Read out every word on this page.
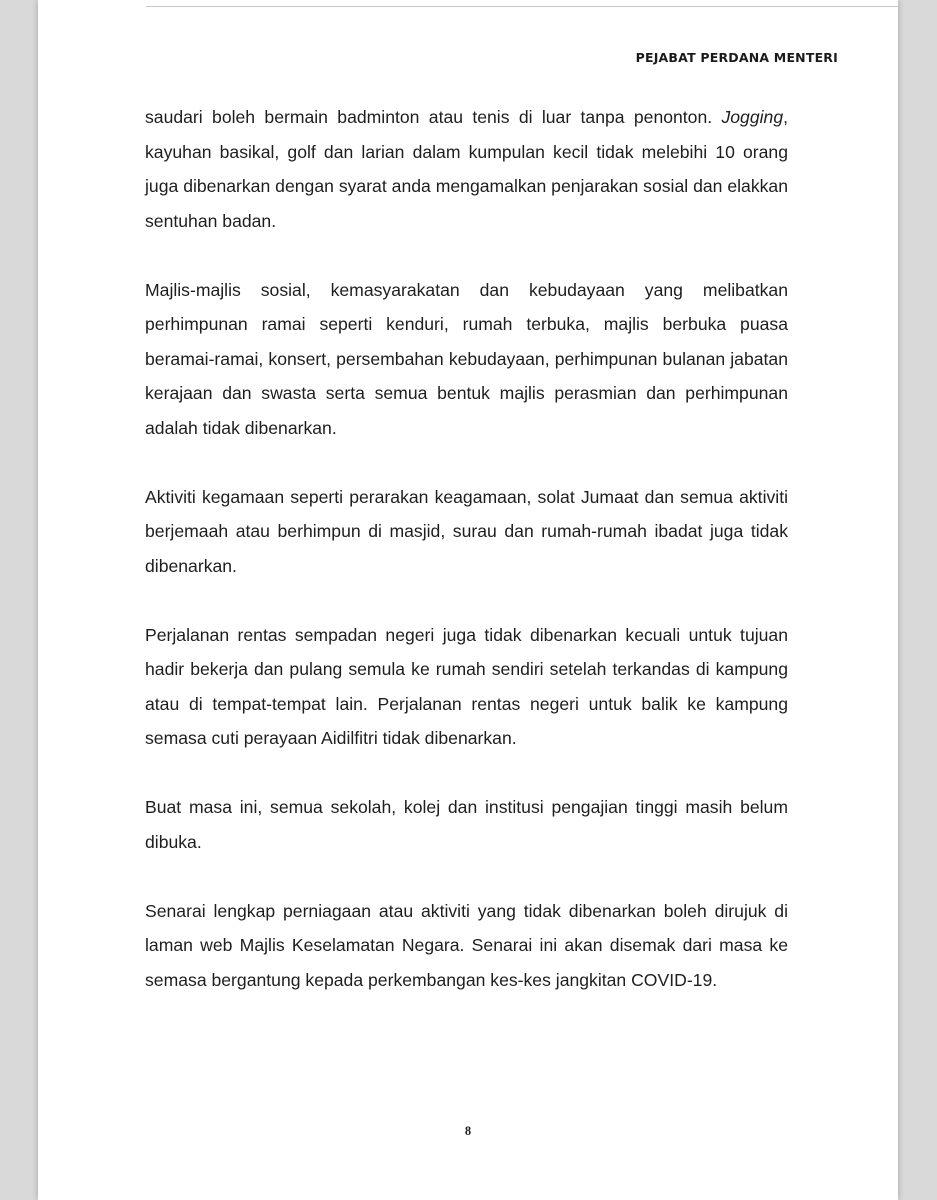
PEJABAT PERDANA MENTERI

saudari boleh bermain badminton atau tenis di luar tanpa penonton. Jogging, kayuhan basikal, golf dan larian dalam kumpulan kecil tidak melebihi 10 orang juga dibenarkan dengan syarat anda mengamalkan penjarakan sosial dan elakkan sentuhan badan.

Majlis-majlis sosial, kemasyarakatan dan kebudayaan yang melibatkan perhimpunan ramai seperti kenduri, rumah terbuka, majlis berbuka puasa beramai-ramai, konsert, persembahan kebudayaan, perhimpunan bulanan jabatan kerajaan dan swasta serta semua bentuk majlis perasmian dan perhimpunan adalah tidak dibenarkan.

Aktiviti kegamaan seperti perarakan keagamaan, solat Jumaat dan semua aktiviti berjemaah atau berhimpun di masjid, surau dan rumah-rumah ibadat juga tidak dibenarkan.

Perjalanan rentas sempadan negeri juga tidak dibenarkan kecuali untuk tujuan hadir bekerja dan pulang semula ke rumah sendiri setelah terkandas di kampung atau di tempat-tempat lain. Perjalanan rentas negeri untuk balik ke kampung semasa cuti perayaan Aidilfitri tidak dibenarkan.

Buat masa ini, semua sekolah, kolej dan institusi pengajian tinggi masih belum dibuka.

Senarai lengkap perniagaan atau aktiviti yang tidak dibenarkan boleh dirujuk di laman web Majlis Keselamatan Negara. Senarai ini akan disemak dari masa ke semasa bergantung kepada perkembangan kes-kes jangkitan COVID-19.

8
